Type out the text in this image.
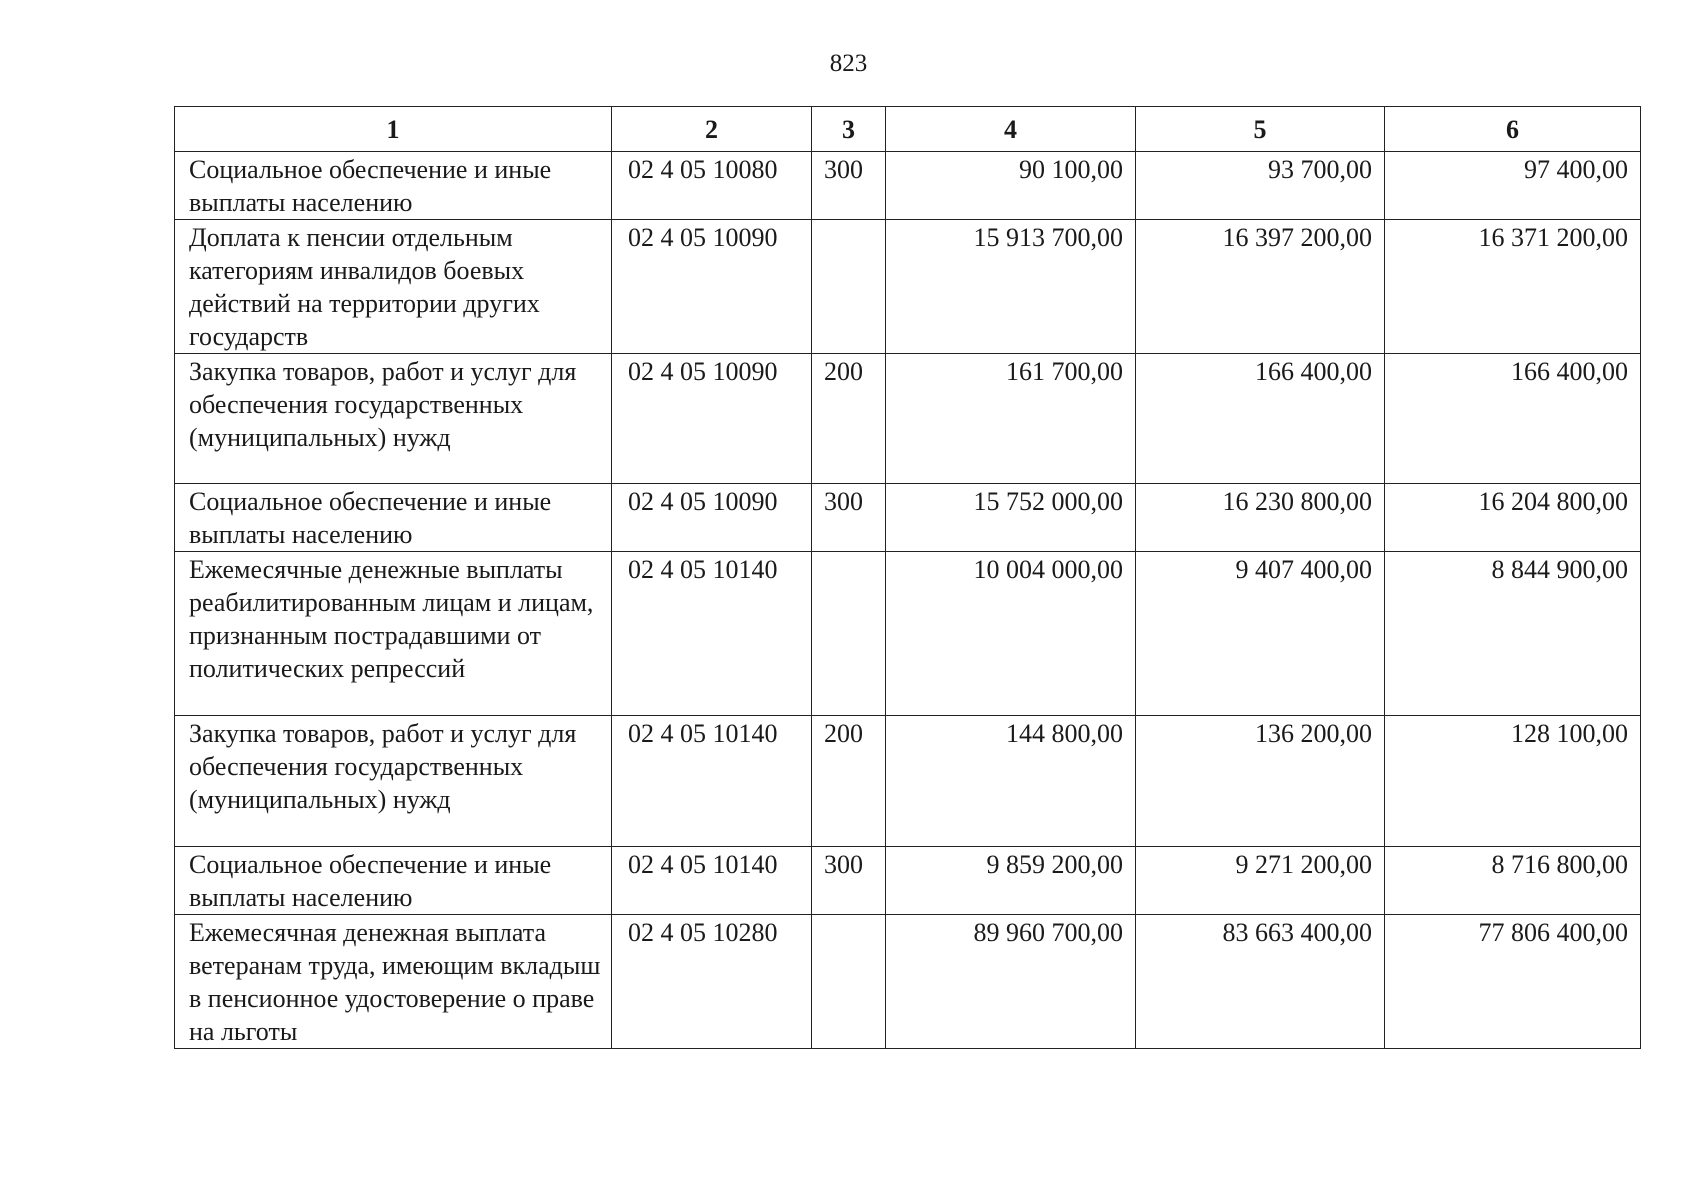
823
1	2	3	4	5	6
Социальное обеспечение и иные выплаты населению	02 4 05 10080	300	90 100,00	93 700,00	97 400,00
Доплата к пенсии отдельным категориям инвалидов боевых действий на территории других государств	02 4 05 10090		15 913 700,00	16 397 200,00	16 371 200,00
Закупка товаров, работ и услуг для обеспечения государственных (муниципальных) нужд	02 4 05 10090	200	161 700,00	166 400,00	166 400,00
Социальное обеспечение и иные выплаты населению	02 4 05 10090	300	15 752 000,00	16 230 800,00	16 204 800,00
Ежемесячные денежные выплаты реабилитированным лицам и лицам, признанным пострадавшими от политических репрессий	02 4 05 10140		10 004 000,00	9 407 400,00	8 844 900,00
Закупка товаров, работ и услуг для обеспечения государственных (муниципальных) нужд	02 4 05 10140	200	144 800,00	136 200,00	128 100,00
Социальное обеспечение и иные выплаты населению	02 4 05 10140	300	9 859 200,00	9 271 200,00	8 716 800,00
Ежемесячная денежная выплата ветеранам труда, имеющим вкладыш в пенсионное удостоверение о праве на льготы	02 4 05 10280		89 960 700,00	83 663 400,00	77 806 400,00
